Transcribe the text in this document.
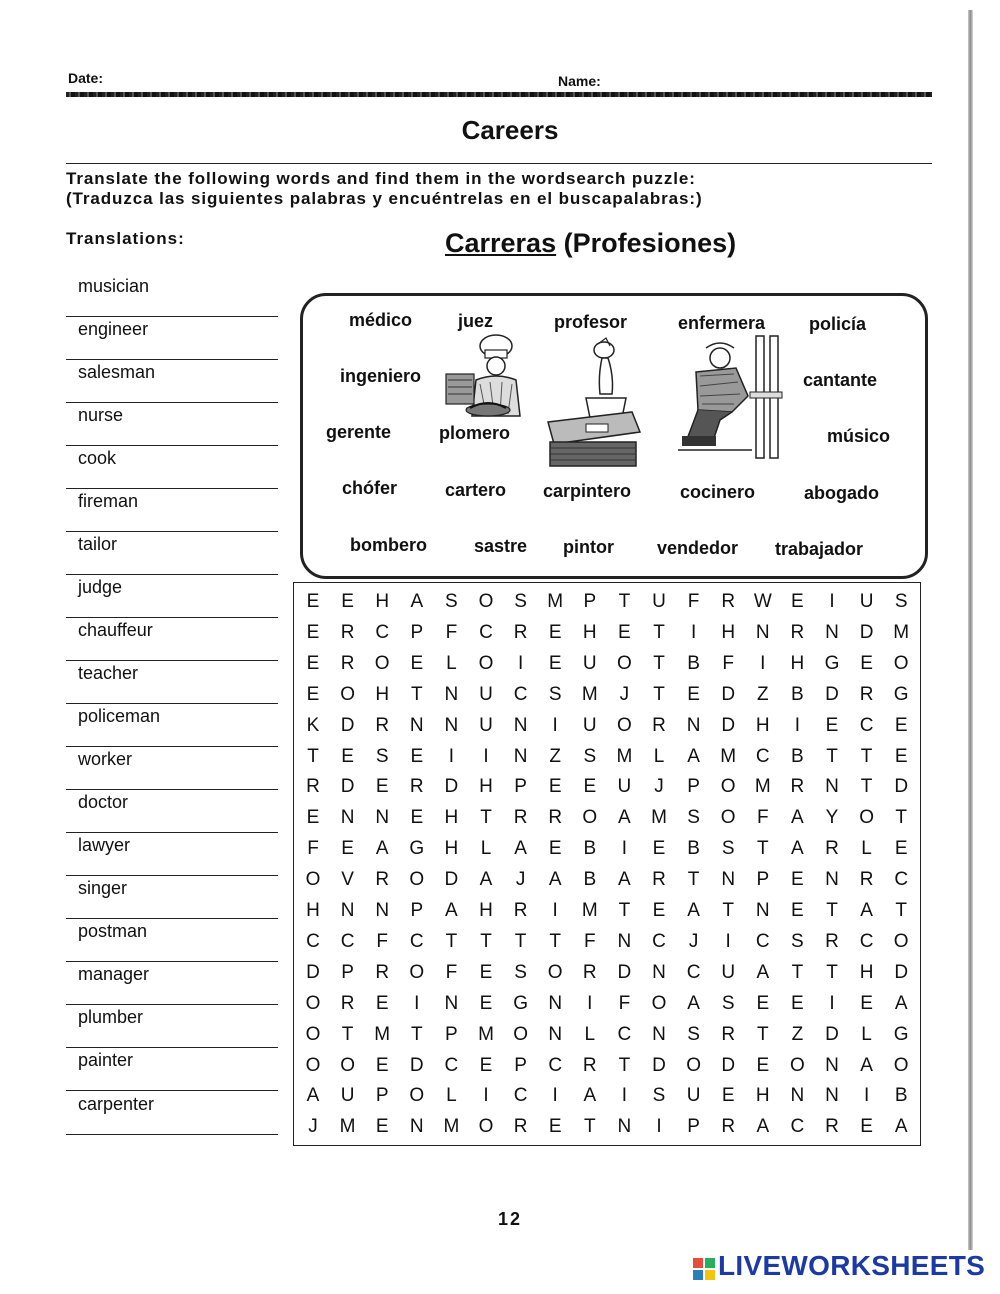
Date:	Name:
Careers
Translate the following words and find them in the wordsearch puzzle:
(Traduzca las siguientes palabras y encuéntrelas en el buscapalabras:)
Translations:	Carreras (Profesiones)
musician
engineer
salesman
nurse
cook
fireman
tailor
judge
chauffeur
teacher
policeman
worker
doctor
lawyer
singer
postman
manager
plumber
painter
carpenter
médico	juez	profesor	enfermera policía
ingeniero	cantante
gerente	plomero	músico
chófer	cartero carpintero	cocinero	abogado
bombero	sastre pintor vendedor trabajador
E	E	H	A	S	O	S	M	P	T	U	F	R W	E	I	U	S
E	R	C	P	F	C	R	E	H	E	T	I	H	N	R	N	D	M
E	R	O	E	L	O	I	E	U	O	T	B	F	I	H	G	E	O
E	O	H	T	N	U	C	S	M	J	T	E	D	Z	B	D	R	G
K	D	R	N	N	U	N	I	U	O	R	N	D	H	I	E	C	E
T	E	S	E	I	I	N	Z	S	M	L	A	M	C	B	T	T	E
R	D	E	R	D	H	P	E	E	U	J	P	O	M	R	N	T	D
E	N	N	E	H	T	R	R	O	A	M	S	O	F	A	Y	O	T
F	E	A	G	H	L	A	E	B	I	E	B	S	T	A	R	L	E
O	V	R	O	D	A	J	A	B	A	R	T	N	P	E	N	R	C
H	N	N	P	A	H	R	I	M	T	E	A	T	N	E	T	A	T
C	C	F	C	T	T	T	T	F	N	C	J	I	C	S	R	C	O
D	P	R	O	F	E	S	O	R	D	N	C	U	A	T	T	H	D
O	R	E	I	N	E	G	N	I	F	O	A	S	E	E	I	E	A
O	T	M	T	P	M	O	N	L	C	N	S	R	T	Z	D	L	G
O	O	E	D	C	E	P	C	R	T	D	O	D	E	O	N	A	O
A	U	P	O	L	I	C	I	A	I	S	U	E	H	N	N	I	B
J	M	E	N	M	O	R	E	T	N	I	P	R	A	C	R	E	A
12
LIVEWORKSHEETS
